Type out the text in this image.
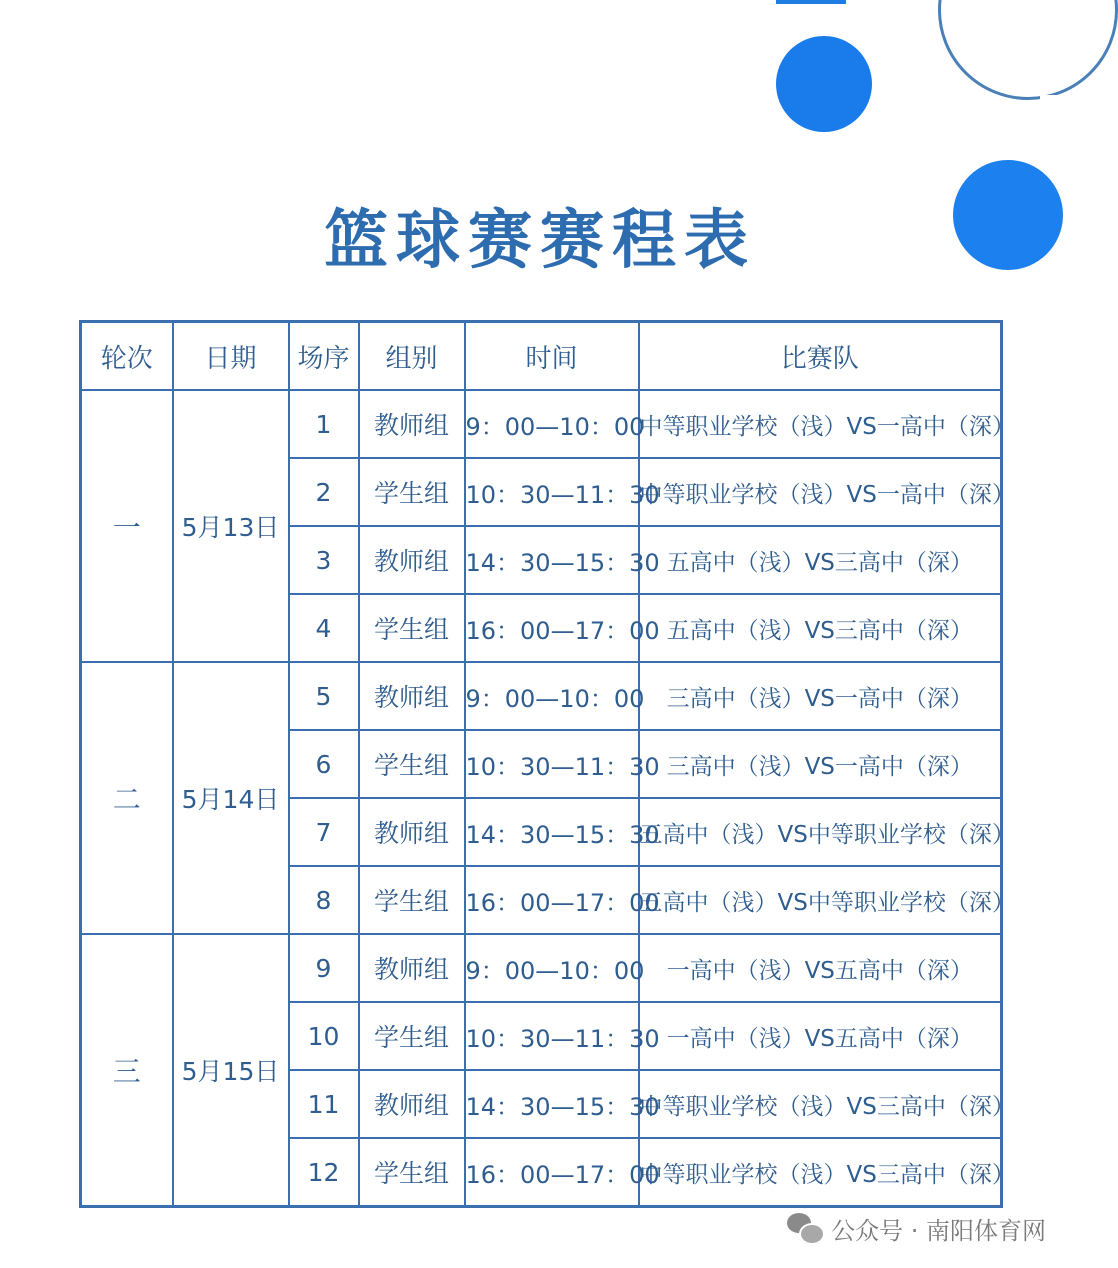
篮球赛赛程表
轮次	日期	场序	组别	时间	比赛队
一	5月13日	1	教师组	9：00—10：00	中等职业学校（浅）VS一高中（深）
		2	学生组	10：30—11：30	中等职业学校（浅）VS一高中（深）
		3	教师组	14：30—15：30	五高中（浅）VS三高中（深）
		4	学生组	16：00—17：00	五高中（浅）VS三高中（深）
二	5月14日	5	教师组	9：00—10：00	三高中（浅）VS一高中（深）
		6	学生组	10：30—11：30	三高中（浅）VS一高中（深）
		7	教师组	14：30—15：30	五高中（浅）VS中等职业学校（深）
		8	学生组	16：00—17：00	五高中（浅）VS中等职业学校（深）
三	5月15日	9	教师组	9：00—10：00	一高中（浅）VS五高中（深）
		10	学生组	10：30—11：30	一高中（浅）VS五高中（深）
		11	教师组	14：30—15：30	中等职业学校（浅）VS三高中（深）
		12	学生组	16：00—17：00	中等职业学校（浅）VS三高中（深）
公众号 · 南阳体育网
